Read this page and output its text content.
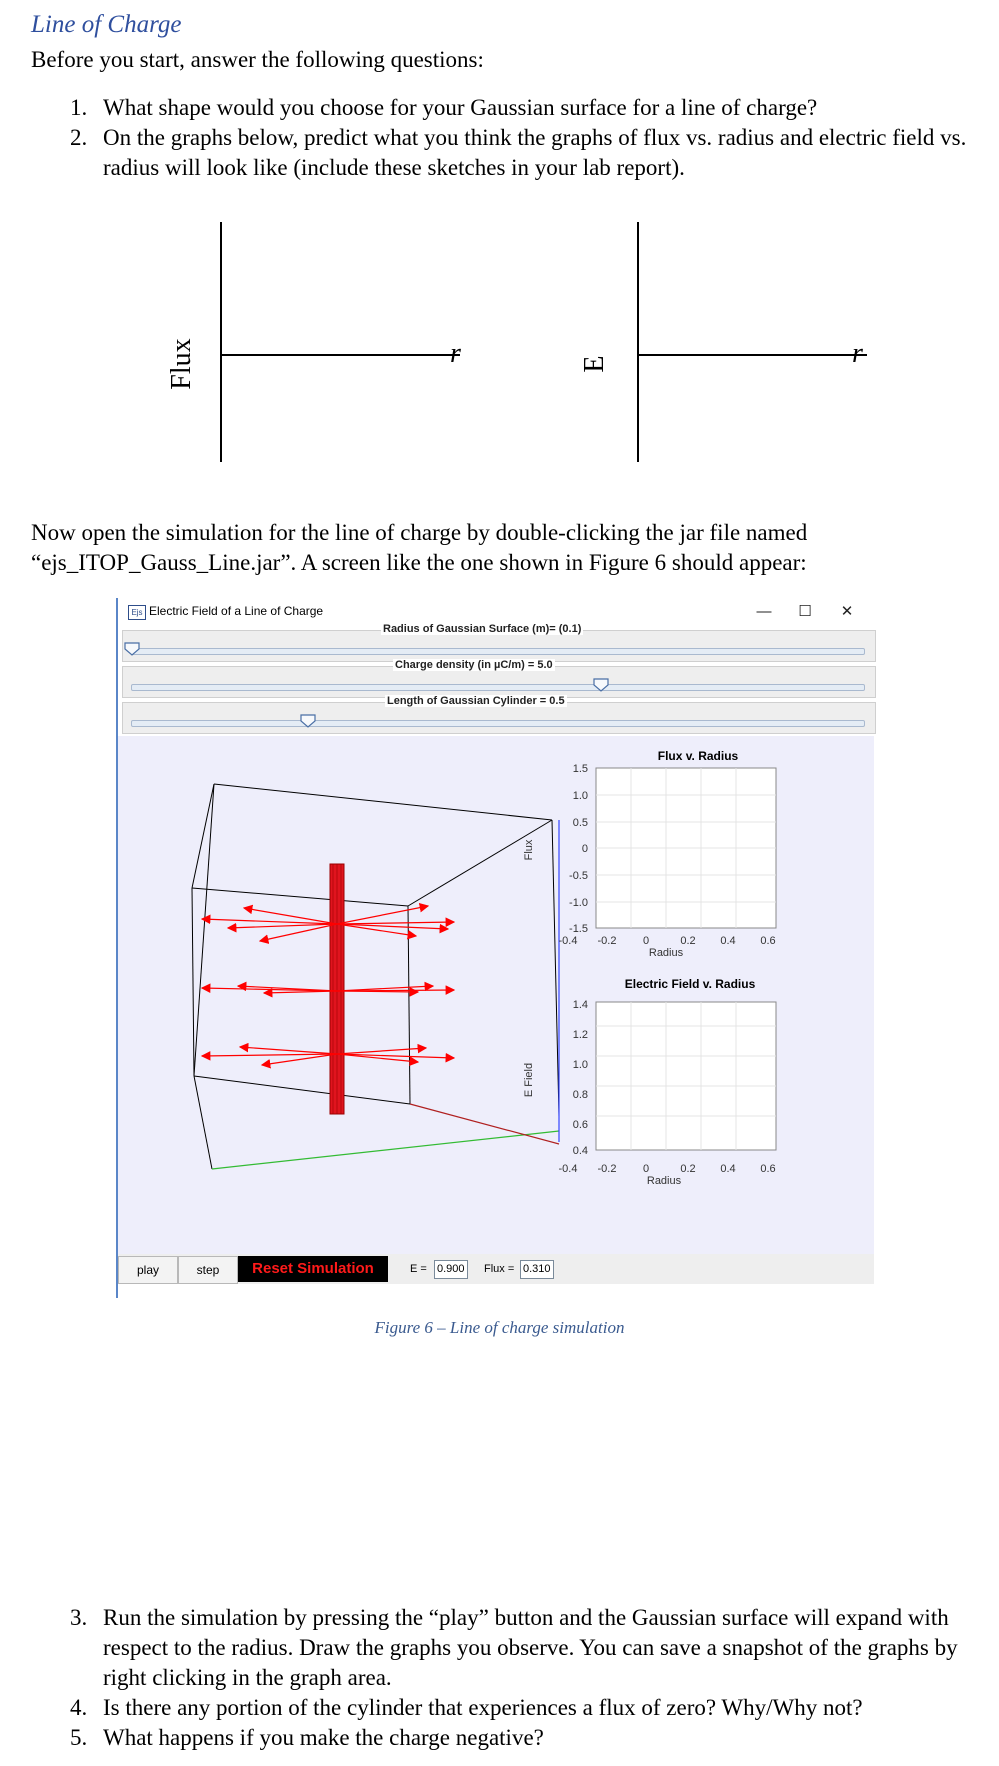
Line of Charge
Before you start, answer the following questions:
1. What shape would you choose for your Gaussian surface for a line of charge?
2. On the graphs below, predict what you think the graphs of flux vs. radius and electric field vs. radius will look like (include these sketches in your lab report).
Flux	r	E	r
Now open the simulation for the line of charge by double-clicking the jar file named “ejs_ITOP_Gauss_Line.jar”. A screen like the one shown in Figure 6 should appear:
Ejs Electric Field of a Line of Charge	—	☐	✕
Radius of Gaussian Surface (m)= (0.1)
Charge density (in µC/m) = 5.0
Length of Gaussian Cylinder = 0.5
Flux v. Radius
1.5
1.0
0.5
0
-0.5
-1.0
-1.5
-0.4 -0.2 0	0.2 0.4 0.6
Radius
Flux
Electric Field v. Radius
1.4
1.2
1.0
0.8
0.6
0.4
-0.4 -0.2 0	0.2 0.4 0.6
Radius
E Field
play	step	Reset Simulation	E = 0.900 Flux = 0.310
Figure 6 – Line of charge simulation
3. Run the simulation by pressing the “play” button and the Gaussian surface will expand with respect to the radius. Draw the graphs you observe. You can save a snapshot of the graphs by right clicking in the graph area.
4. Is there any portion of the cylinder that experiences a flux of zero? Why/Why not?
5. What happens if you make the charge negative?
